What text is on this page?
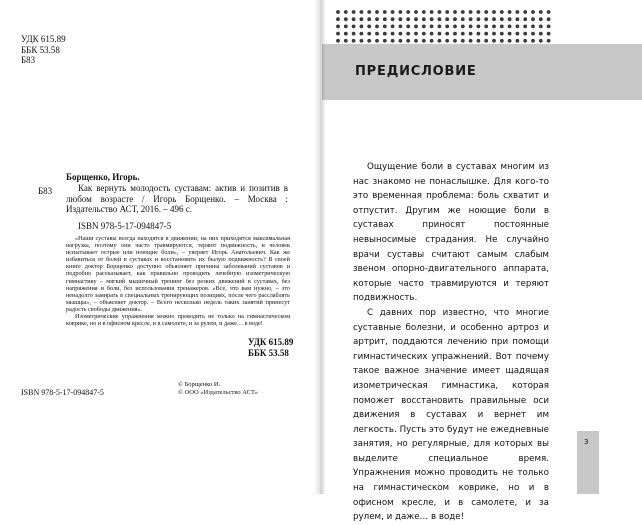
УДК 615.89
ББК 53.58
Б83
Борщенко, Игорь.
Б83	Как вернуть молодость суставам: актив и позитив в любом возрасте / Игорь Борщенко. – Москва : Издательство АСТ, 2016. – 496 с.
ISBN 978-5-17-094847-5

«Наши суставы всегда находятся в движении, на них приходится максимальная нагрузка, поэтому они часто травмируются, теряют подвижность, и человек испытывает острые или ноющие боли», – уверяет Игорь Анатольевич. Как же избавиться от болей в суставах и восстановить их былую подвижность? В своей книге доктор Борщенко доступно объясняет причины заболеваний суставов и подробно рассказывает, как правильно проводить лечебную изометрическую гимнастику – мягкий мышечный тренинг без резких движений в суставах, без напряжения и боли, без использования тренажеров. «Все, что вам нужно, – это ненадолго замирать в специальных тренирующих позициях, после чего расслаблять мышцы», – объясняет доктор. – Всего несколько недель таких занятий принесут радость свободы движения».

Изометрические упражнения можно проводить не только на гимнастическом коврике, но и в офисном кресле, и в самолете, и за рулем, и даже… в воде!

УДК 615.89
ББК 53.58
ISBN 978-5-17-094847-5
© Борщенко И.
© ООО «Издательство АСТ»
ПРЕДИСЛОВИЕ

Ощущение боли в суставах многим из нас знакомо не понаслышке. Для кого-то это временная проблема: боль схватит и отпустит. Другим же ноющие боли в суставах приносят постоянные невыносимые страдания. Не случайно врачи суставы считают самым слабым звеном опорно-двигательного аппарата, которые часто травмируются и теряют подвижность.

С давних пор известно, что многие суставные болезни, и особенно артроз и артрит, поддаются лечению при помощи гимнастических упражнений. Вот почему такое важное значение имеет щадящая изометрическая гимнастика, которая поможет восстановить правильные оси движения в суставах и вернет им легкость. Пусть это будут не ежедневные занятия, но регулярные, для которых вы выделите специальное время. Упражнения можно проводить не только на гимнастическом коврике, но и в офисном кресле, и в самолете, и за рулем, и даже… в воде!

3
